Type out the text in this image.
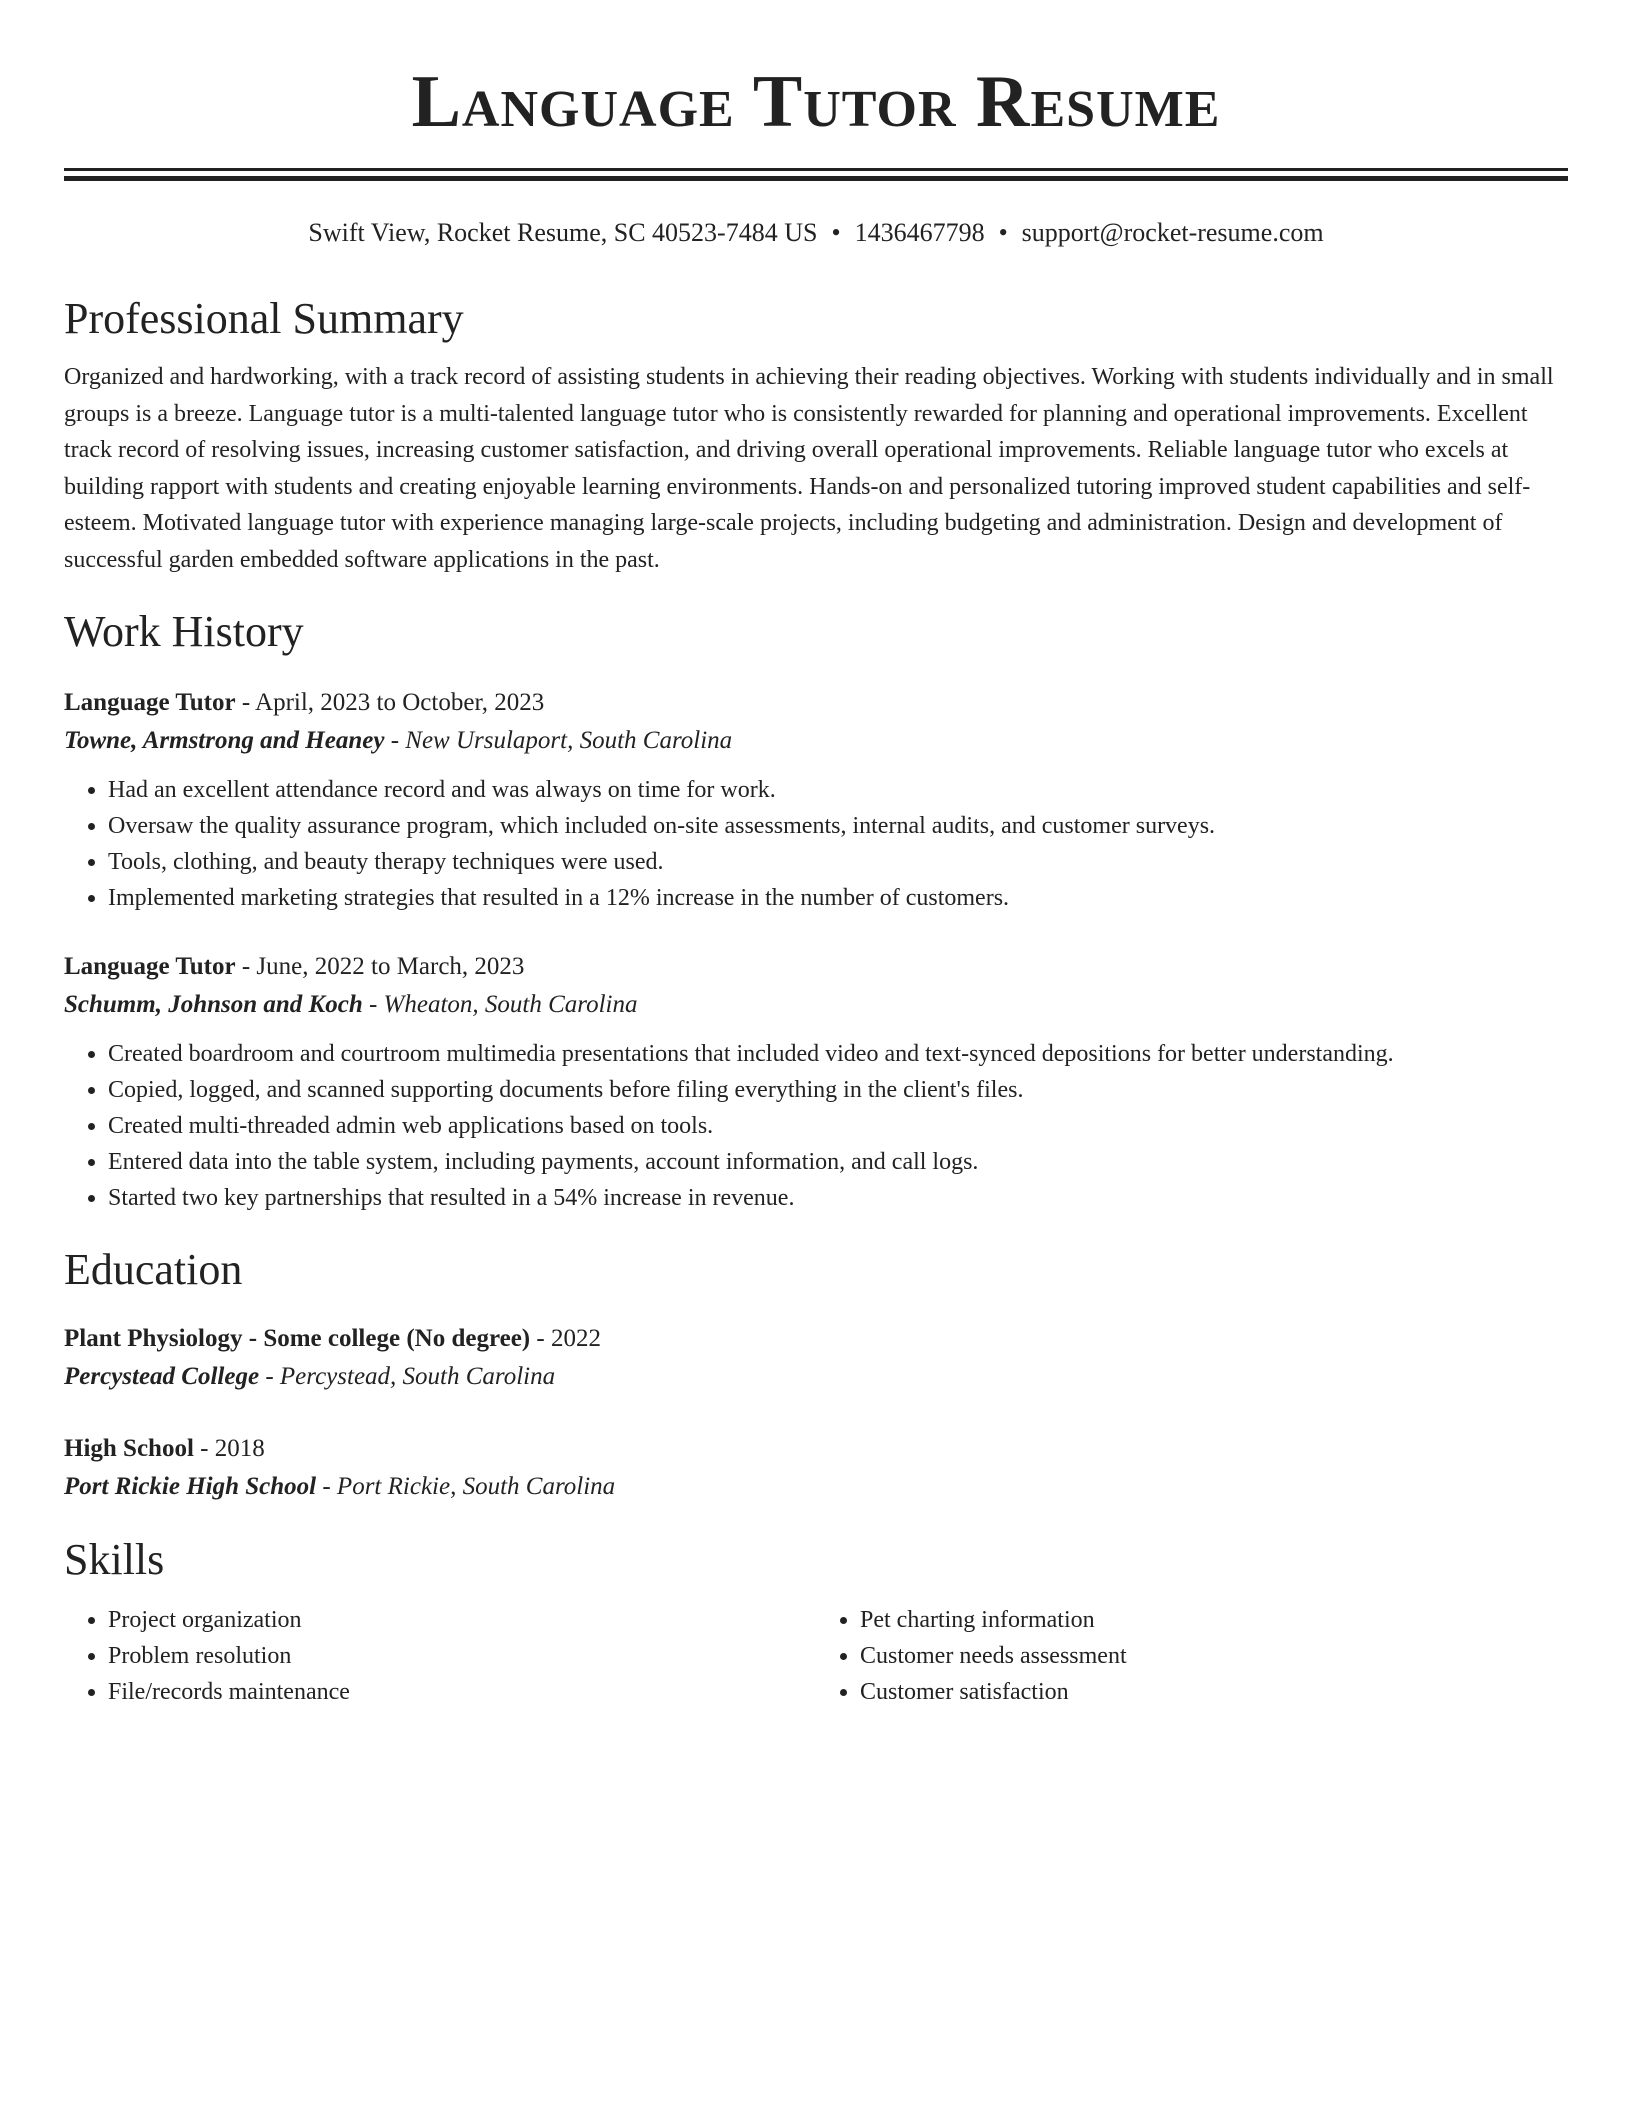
Language Tutor Resume
Swift View, Rocket Resume, SC 40523-7484 US • 1436467798 • support@rocket-resume.com
Professional Summary

Organized and hardworking, with a track record of assisting students in achieving their reading objectives. Working with students individually and in small groups is a breeze. Language tutor is a multi-talented language tutor who is consistently rewarded for planning and operational improvements. Excellent track record of resolving issues, increasing customer satisfaction, and driving overall operational improvements. Reliable language tutor who excels at building rapport with students and creating enjoyable learning environments. Hands-on and personalized tutoring improved student capabilities and self-esteem. Motivated language tutor with experience managing large-scale projects, including budgeting and administration. Design and development of successful garden embedded software applications in the past.

Work History
Language Tutor - April, 2023 to October, 2023
Towne, Armstrong and Heaney - New Ursulaport, South Carolina
• Had an excellent attendance record and was always on time for work.
• Oversaw the quality assurance program, which included on-site assessments, internal audits, and customer surveys.
• Tools, clothing, and beauty therapy techniques were used.
• Implemented marketing strategies that resulted in a 12% increase in the number of customers.
Language Tutor - June, 2022 to March, 2023
Schumm, Johnson and Koch - Wheaton, South Carolina
• Created boardroom and courtroom multimedia presentations that included video and text-synced depositions for better understanding.
• Copied, logged, and scanned supporting documents before filing everything in the client's files.
• Created multi-threaded admin web applications based on tools.
• Entered data into the table system, including payments, account information, and call logs.
• Started two key partnerships that resulted in a 54% increase in revenue.
Education
Plant Physiology - Some college (No degree) - 2022
Percystead College - Percystead, South Carolina
High School - 2018
Port Rickie High School - Port Rickie, South Carolina
Skills
• Project organization
• Problem resolution
• File/records maintenance
• Pet charting information
• Customer needs assessment
• Customer satisfaction
